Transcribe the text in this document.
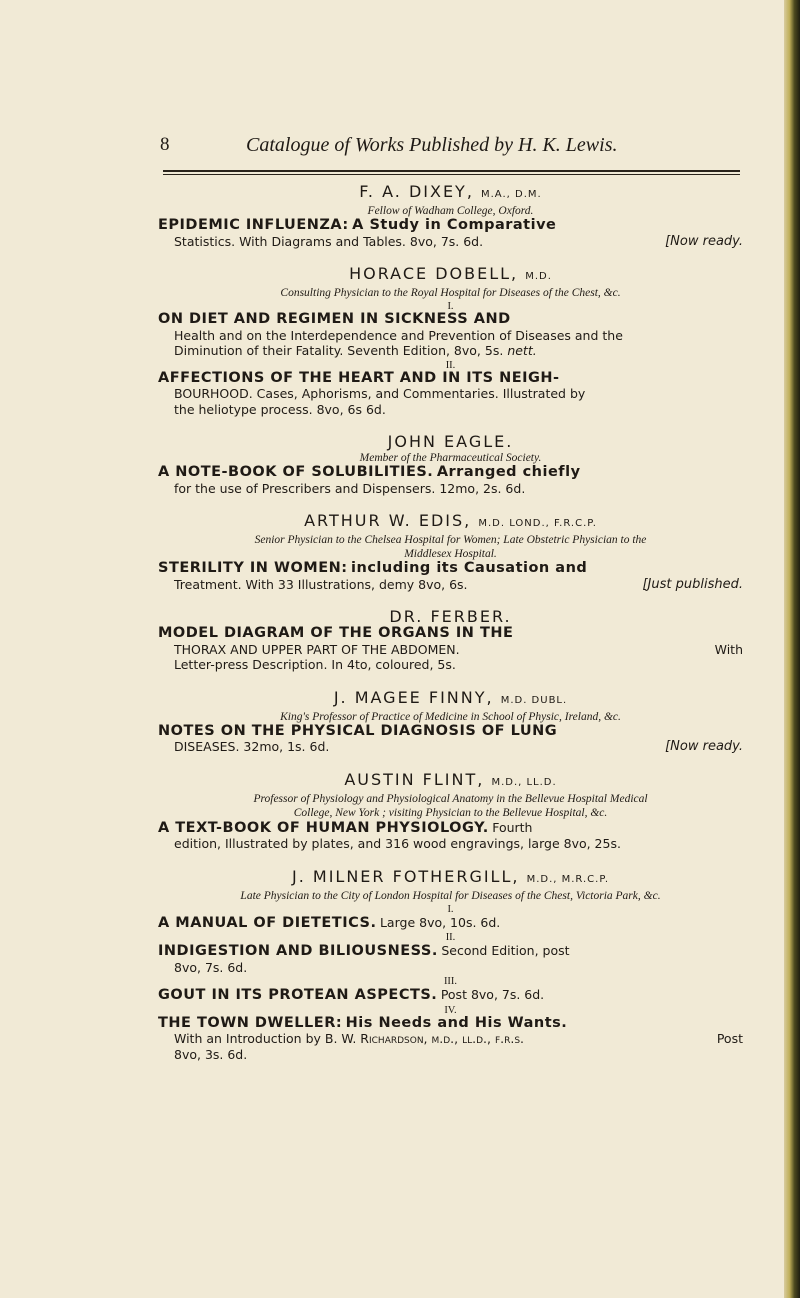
8	Catalogue of Works Published by H. K. Lewis.
F. A. DIXEY, M.A., D.M.
Fellow of Wadham College, Oxford.
EPIDEMIC INFLUENZA: A Study in Comparative
Statistics. With Diagrams and Tables. 8vo, 7s. 6d.	[Now ready.
HORACE DOBELL, M.D.
Consulting Physician to the Royal Hospital for Diseases of the Chest, &c.
I.
ON DIET AND REGIMEN IN SICKNESS AND
Health and on the Interdependence and Prevention of Diseases and the
Diminution of their Fatality. Seventh Edition, 8vo, 5s. nett.
II.
AFFECTIONS OF THE HEART AND IN ITS NEIGH-
BOURHOOD. Cases, Aphorisms, and Commentaries. Illustrated by
the heliotype process. 8vo, 6s 6d.
JOHN EAGLE.
Member of the Pharmaceutical Society.
A NOTE-BOOK OF SOLUBILITIES. Arranged chiefly
for the use of Prescribers and Dispensers. 12mo, 2s. 6d.
ARTHUR W. EDIS, M.D. LOND., F.R.C.P.
Senior Physician to the Chelsea Hospital for Women; Late Obstetric Physician to the
Middlesex Hospital.
STERILITY IN WOMEN: including its Causation and
Treatment. With 33 Illustrations, demy 8vo, 6s.	[Just published.
DR. FERBER.
MODEL DIAGRAM OF THE ORGANS IN THE
THORAX AND UPPER PART OF THE ABDOMEN.	With
Letter-press Description. In 4to, coloured, 5s.
J. MAGEE FINNY, M.D. DUBL.
King's Professor of Practice of Medicine in School of Physic, Ireland, &c.
NOTES ON THE PHYSICAL DIAGNOSIS OF LUNG
DISEASES. 32mo, 1s. 6d.	[Now ready.
AUSTIN FLINT, M.D., LL.D.
Professor of Physiology and Physiological Anatomy in the Bellevue Hospital Medical
College, New York ; visiting Physician to the Bellevue Hospital, &c.
A TEXT-BOOK OF HUMAN PHYSIOLOGY. Fourth
edition, Illustrated by plates, and 316 wood engravings, large 8vo, 25s.
J. MILNER FOTHERGILL, M.D., M.R.C.P.
Late Physician to the City of London Hospital for Diseases of the Chest, Victoria Park, &c.
I.
A MANUAL OF DIETETICS. Large 8vo, 10s. 6d.
II.
INDIGESTION AND BILIOUSNESS. Second Edition, post
8vo, 7s. 6d.
III.
GOUT IN ITS PROTEAN ASPECTS. Post 8vo, 7s. 6d.
IV.
THE TOWN DWELLER: His Needs and His Wants.
With an Introduction by B. W. Richardson, m.d., ll.d., f.r.s.	Post
8vo, 3s. 6d.
